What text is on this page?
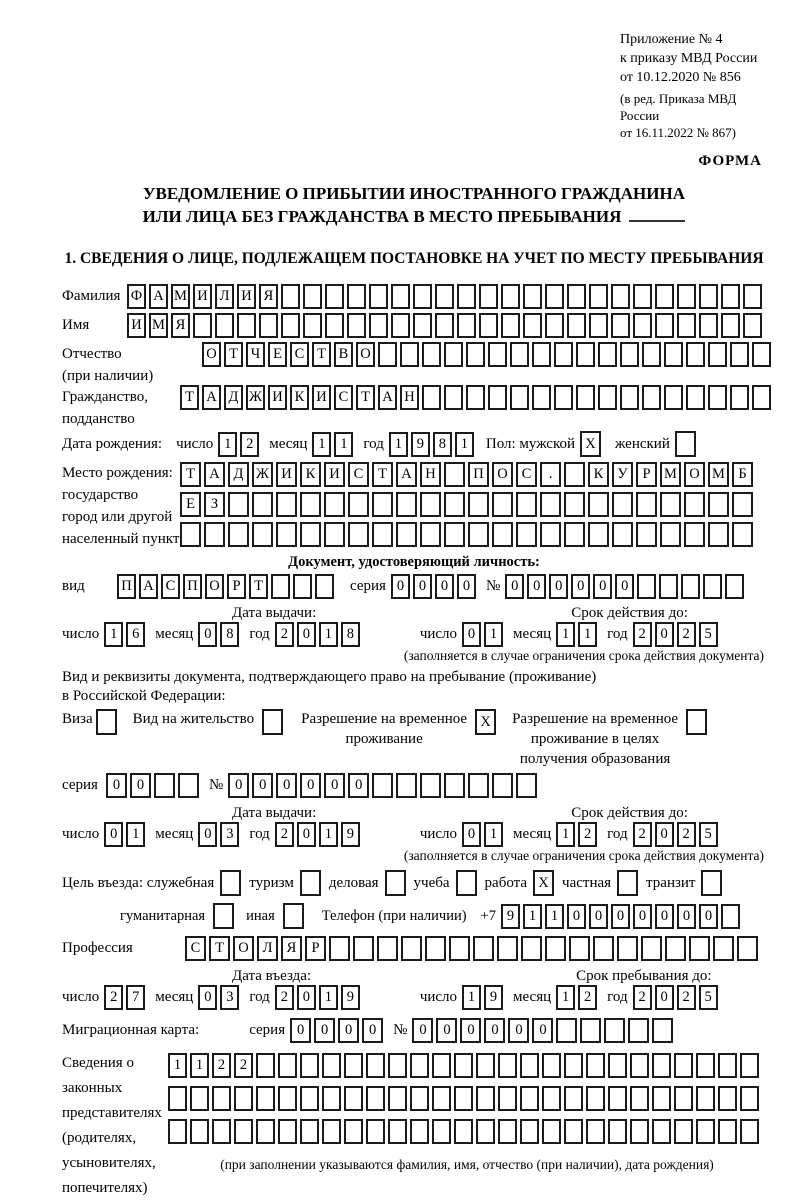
Приложение № 4
к приказу МВД России
от 10.12.2020 № 856
(в ред. Приказа МВД России
от 16.11.2022 № 867)
ФОРМА
УВЕДОМЛЕНИЕ О ПРИБЫТИИ ИНОСТРАННОГО ГРАЖДАНИНА
ИЛИ ЛИЦА БЕЗ ГРАЖДАНСТВА В МЕСТО ПРЕБЫВАНИЯ
1. СВЕДЕНИЯ О ЛИЦЕ, ПОДЛЕЖАЩЕМ ПОСТАНОВКЕ НА УЧЕТ ПО МЕСТУ ПРЕБЫВАНИЯ
Фамилия Ф А М И Л И Я
Имя	И М Я
Отчество	О Т Ч Е С Т В О
(при наличии)
Гражданство,	Т А Д Ж И К И С Т А Н
подданство
Дата рождения: число 1	2	месяц 1	1	год 1	9	8	1	Пол: мужской X	женский
Место рождения:
государство
город или другой
населенный пункт
Т А Д Ж И К И С	Т А Н	П О С	.	К У	Р М О М Б

Е	З

Документ, удостоверяющий личность:
вид	П А С П О Р Т	серия 0	0	0	0	№ 0	0	0	0	0	0
Дата выдачи:	Срок действия до:
число 1	6	месяц 0	8	год 2	0	1	8	число 0	1	месяц 1	1	год 2	0	2	5
(заполняется в случае ограничения срока действия документа)
Вид и реквизиты документа, подтверждающего право на пребывание (проживание)
в Российской Федерации:
Виза	Вид на жительство	Разрешение на временное
проживание
X	Разрешение на временное
проживание в целях
получения образования
серия	0	0	№ 0	0	0	0	0	0
Дата выдачи:	Срок действия до:
число 0	1	месяц 0	3	год 2	0	1	9	число 0	1	месяц 1	2	год 2	0	2	5
(заполняется в случае ограничения срока действия документа)
Цель въезда: служебная туризм деловая учеба работа X частная транзит
гуманитарная	иная	Телефон (при наличии) +7 9	1	1	0	0	0	0	0	0	0
Профессия	С	Т О Л Я	Р
Дата въезда:	Срок пребывания до:
число 2	7	месяц 0	3	год 2	0	1	9	число 1	9	месяц 1	2	год 2	0	2	5
Миграционная карта:	серия 0	0	0	0	№ 0	0	0	0	0	0
Сведения о
законных
представителях
(родителях,
усыновителях,
попечителях)
1	1	2	2

(при заполнении указываются фамилия, имя, отчество (при наличии), дата рождения)
